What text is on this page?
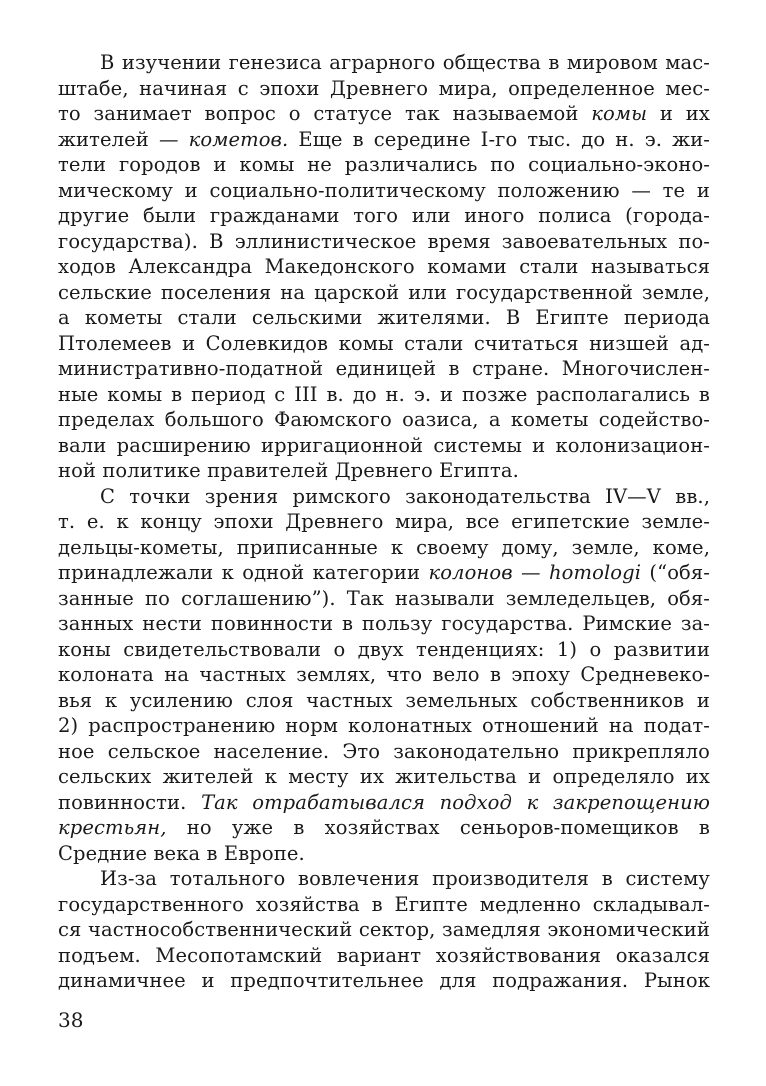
В изучении генезиса аграрного общества в мировом мас-
штабе, начиная с эпохи Древнего мира, определенное мес-
то занимает вопрос о статусе так называемой комы и их
жителей — кометов. Еще в середине I-го тыс. до н. э. жи-
тели городов и комы не различались по социально-эконо-
мическому и социально-политическому положению — те и
другие были гражданами того или иного полиса (города-
государства). В эллинистическое время завоевательных по-
ходов Александра Македонского комами стали называться
сельские поселения на царской или государственной земле,
а кометы стали сельскими жителями. В Египте периода
Птолемеев и Солевкидов комы стали считаться низшей ад-
министративно-податной единицей в стране. Многочислен-
ные комы в период с III в. до н. э. и позже располагались в
пределах большого Фаюмского оазиса, а кометы содейство-
вали расширению ирригационной системы и колонизацион-
ной политике правителей Древнего Египта.
С точки зрения римского законодательства IV—V вв.,
т. е. к концу эпохи Древнего мира, все египетские земле-
дельцы-кометы, приписанные к своему дому, земле, коме,
принадлежали к одной категории колонов — homologi (“обя-
занные по соглашению”). Так называли земледельцев, обя-
занных нести повинности в пользу государства. Римские за-
коны свидетельствовали о двух тенденциях: 1) о развитии
колоната на частных землях, что вело в эпоху Средневеко-
вья к усилению слоя частных земельных собственников и
2) распространению норм колонатных отношений на подат-
ное сельское население. Это законодательно прикрепляло
сельских жителей к месту их жительства и определяло их
повинности. Так отрабатывался подход к закрепощению
крестьян, но уже в хозяйствах сеньоров-помещиков в
Средние века в Европе.
Из-за тотального вовлечения производителя в систему
государственного хозяйства в Египте медленно складывал-
ся частнособственнический сектор, замедляя экономический
подъем. Месопотамский вариант хозяйствования оказался
динамичнее и предпочтительнее для подражания. Рынок
38
